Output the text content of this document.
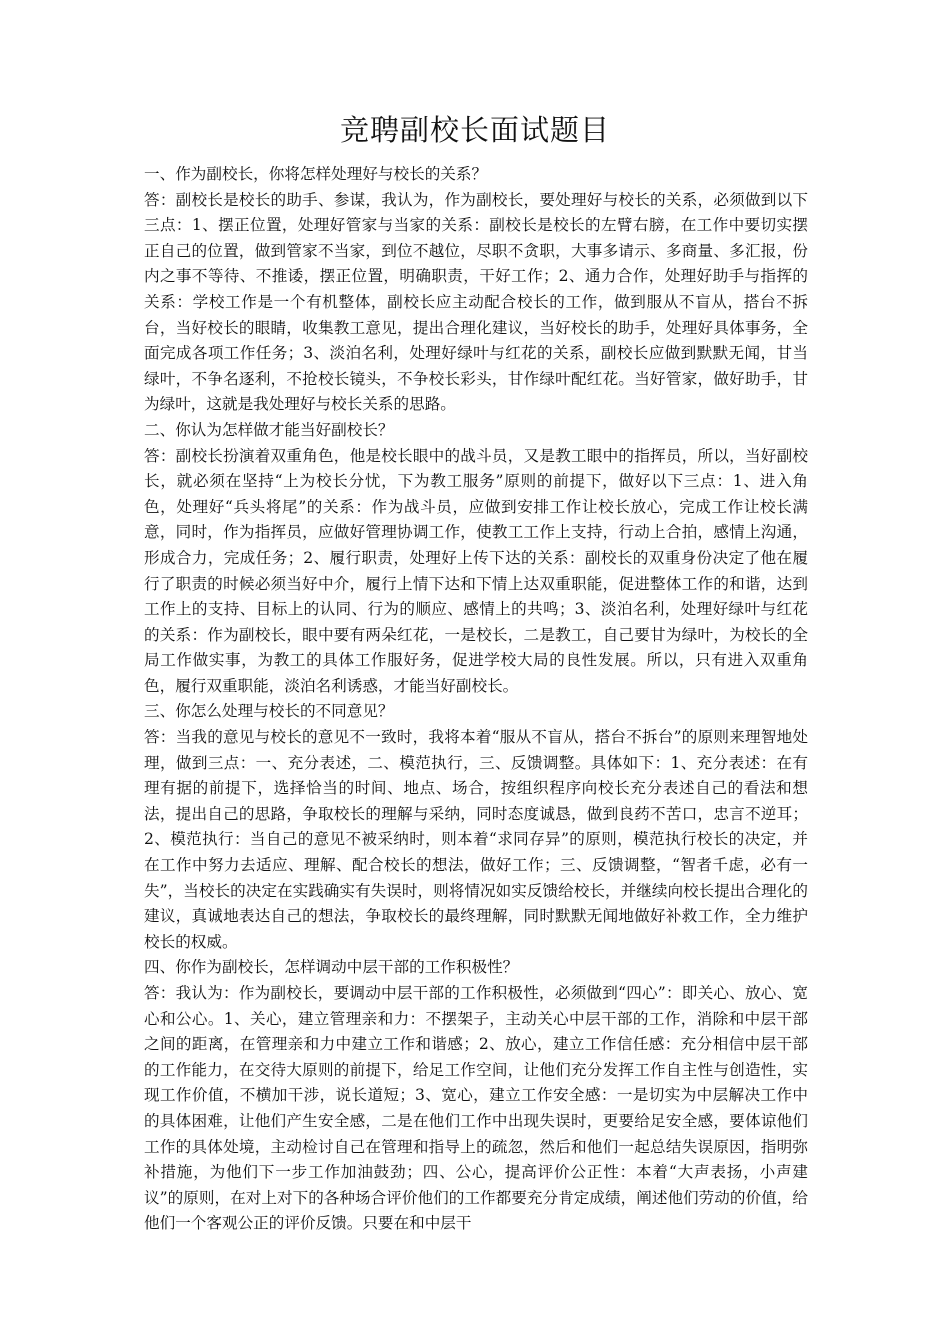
竞聘副校长面试题目

一、作为副校长，你将怎样处理好与校长的关系？

答：副校长是校长的助手、参谋，我认为，作为副校长，要处理好与校长的关系，必须做到以下三点：1、摆正位置，处理好管家与当家的关系：副校长是校长的左臂右膀，在工作中要切实摆正自己的位置，做到管家不当家，到位不越位，尽职不贪职，大事多请示、多商量、多汇报，份内之事不等待、不推诿，摆正位置，明确职责，干好工作；2、通力合作，处理好助手与指挥的关系：学校工作是一个有机整体，副校长应主动配合校长的工作，做到服从不盲从，搭台不拆台，当好校长的眼睛，收集教工意见，提出合理化建议，当好校长的助手，处理好具体事务，全面完成各项工作任务；3、淡泊名利，处理好绿叶与红花的关系，副校长应做到默默无闻，甘当绿叶，不争名逐利，不抢校长镜头，不争校长彩头，甘作绿叶配红花。当好管家，做好助手，甘为绿叶，这就是我处理好与校长关系的思路。

二、你认为怎样做才能当好副校长？

答：副校长扮演着双重角色，他是校长眼中的战斗员，又是教工眼中的指挥员，所以，当好副校长，就必须在坚持“上为校长分忧，下为教工服务”原则的前提下，做好以下三点：1、进入角色，处理好“兵头将尾”的关系：作为战斗员，应做到安排工作让校长放心，完成工作让校长满意，同时，作为指挥员，应做好管理协调工作，使教工工作上支持，行动上合拍，感情上沟通，形成合力，完成任务；2、履行职责，处理好上传下达的关系：副校长的双重身份决定了他在履行了职责的时候必须当好中介，履行上情下达和下情上达双重职能，促进整体工作的和谐，达到工作上的支持、目标上的认同、行为的顺应、感情上的共鸣；3、淡泊名利，处理好绿叶与红花的关系：作为副校长，眼中要有两朵红花，一是校长，二是教工，自己要甘为绿叶，为校长的全局工作做实事，为教工的具体工作服好务，促进学校大局的良性发展。所以，只有进入双重角色，履行双重职能，淡泊名利诱惑，才能当好副校长。

三、你怎么处理与校长的不同意见？

答：当我的意见与校长的意见不一致时，我将本着“服从不盲从，搭台不拆台”的原则来理智地处理，做到三点：一、充分表述，二、模范执行，三、反馈调整。具体如下：1、充分表述：在有理有据的前提下，选择恰当的时间、地点、场合，按组织程序向校长充分表述自己的看法和想法，提出自己的思路，争取校长的理解与采纳，同时态度诚恳，做到良药不苦口，忠言不逆耳；2、模范执行：当自己的意见不被采纳时，则本着“求同存异”的原则，模范执行校长的决定，并在工作中努力去适应、理解、配合校长的想法，做好工作；三、反馈调整，“智者千虑，必有一失”，当校长的决定在实践确实有失误时，则将情况如实反馈给校长，并继续向校长提出合理化的建议，真诚地表达自己的想法，争取校长的最终理解，同时默默无闻地做好补救工作，全力维护校长的权威。

四、你作为副校长，怎样调动中层干部的工作积极性？

答：我认为：作为副校长，要调动中层干部的工作积极性，必须做到“四心”：即关心、放心、宽心和公心。1、关心，建立管理亲和力：不摆架子，主动关心中层干部的工作，消除和中层干部之间的距离，在管理亲和力中建立工作和谐感；2、放心，建立工作信任感：充分相信中层干部的工作能力，在交待大原则的前提下，给足工作空间，让他们充分发挥工作自主性与创造性，实现工作价值，不横加干涉，说长道短；3、宽心，建立工作安全感：一是切实为中层解决工作中的具体困难，让他们产生安全感，二是在他们工作中出现失误时，更要给足安全感，要体谅他们工作的具体处境，主动检讨自己在管理和指导上的疏忽，然后和他们一起总结失误原因，指明弥补措施，为他们下一步工作加油鼓劲；四、公心，提高评价公正性：本着“大声表扬，小声建议”的原则，在对上对下的各种场合评价他们的工作都要充分肯定成绩，阐述他们劳动的价值，给他们一个客观公正的评价反馈。只要在和中层干
